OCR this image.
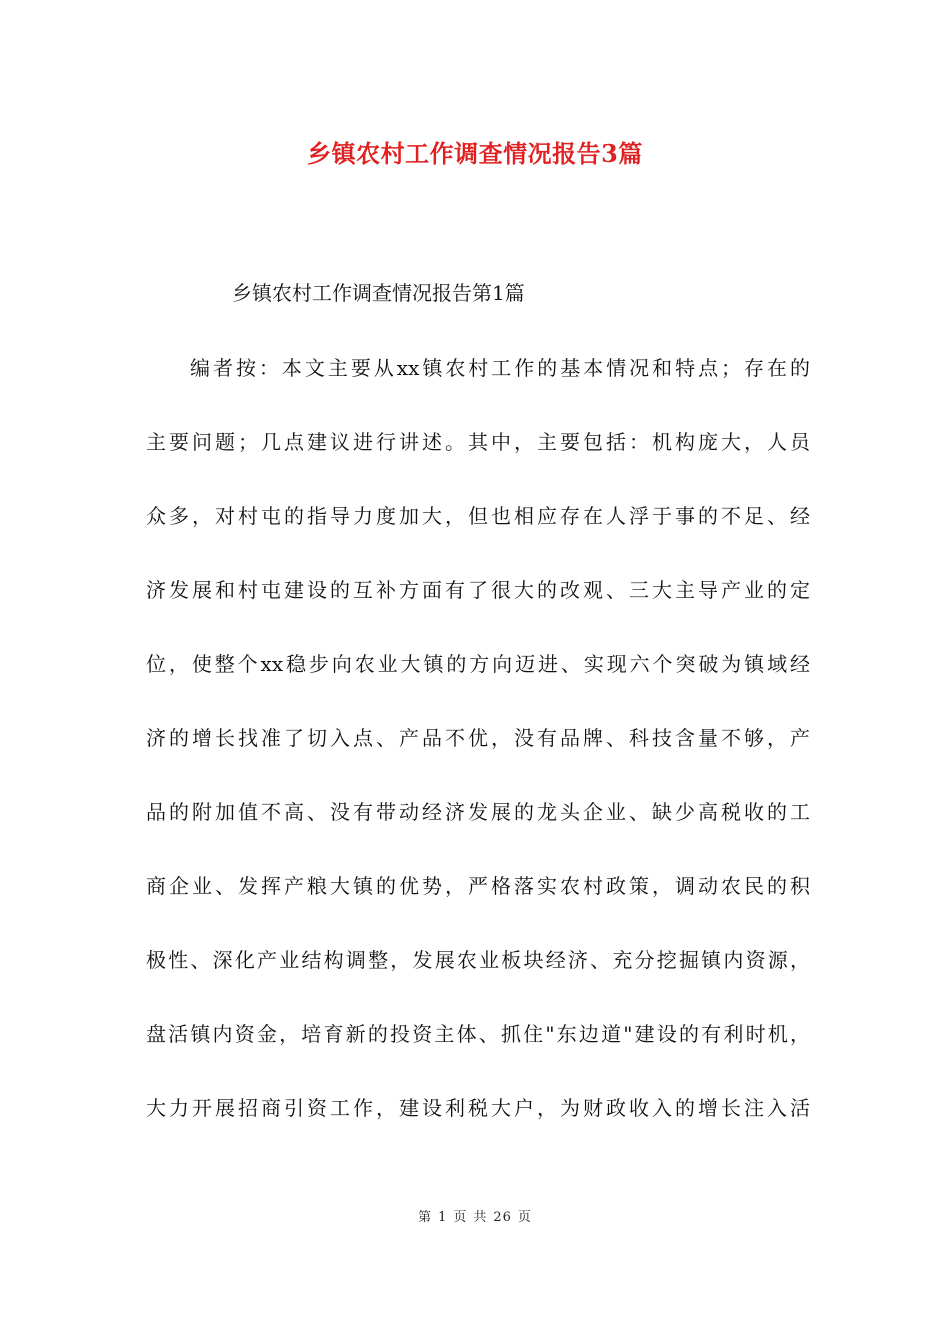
乡镇农村工作调查情况报告3篇
乡镇农村工作调查情况报告第1篇
编者按：本文主要从xx镇农村工作的基本情况和特点；存在的
主要问题；几点建议进行讲述。其中，主要包括：机构庞大，人员
众多，对村屯的指导力度加大，但也相应存在人浮于事的不足、经
济发展和村屯建设的互补方面有了很大的改观、三大主导产业的定
位，使整个xx稳步向农业大镇的方向迈进、实现六个突破为镇域经
济的增长找准了切入点、产品不优，没有品牌、科技含量不够，产
品的附加值不高、没有带动经济发展的龙头企业、缺少高税收的工
商企业、发挥产粮大镇的优势，严格落实农村政策，调动农民的积
极性、深化产业结构调整，发展农业板块经济、充分挖掘镇内资源，
盘活镇内资金，培育新的投资主体、抓住"东边道"建设的有利时机，
大力开展招商引资工作，建设利税大户，为财政收入的增长注入活
第 1 页 共 26 页
